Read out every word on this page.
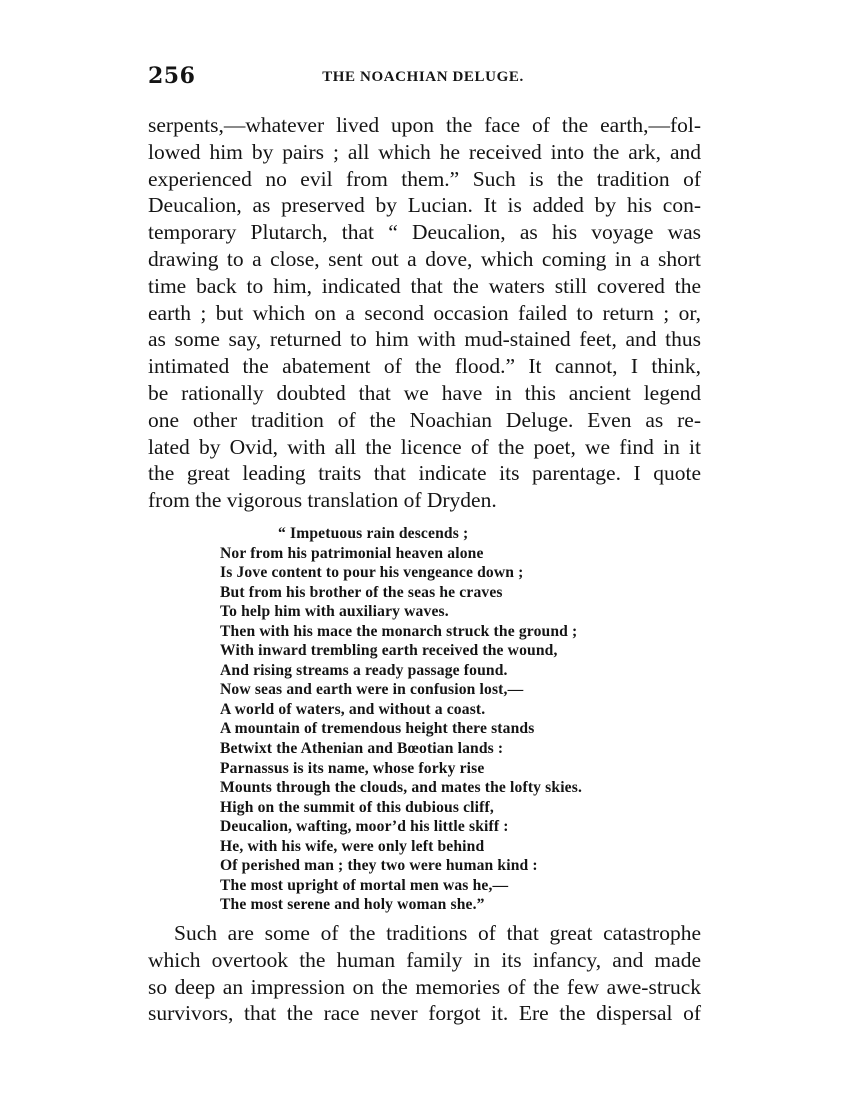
256	THE NOACHIAN DELUGE.
serpents,—whatever lived upon the face of the earth,—fol-
lowed him by pairs ; all which he received into the ark, and
experienced no evil from them.” Such is the tradition of
Deucalion, as preserved by Lucian. It is added by his con-
temporary Plutarch, that “ Deucalion, as his voyage was
drawing to a close, sent out a dove, which coming in a short
time back to him, indicated that the waters still covered the
earth ; but which on a second occasion failed to return ; or,
as some say, returned to him with mud-stained feet, and thus
intimated the abatement of the flood.” It cannot, I think,
be rationally doubted that we have in this ancient legend
one other tradition of the Noachian Deluge. Even as re-
lated by Ovid, with all the licence of the poet, we find in it
the great leading traits that indicate its parentage. I quote
from the vigorous translation of Dryden.
“ Impetuous rain descends ;
Nor from his patrimonial heaven alone
Is Jove content to pour his vengeance down ;
But from his brother of the seas he craves
To help him with auxiliary waves.
Then with his mace the monarch struck the ground ;
With inward trembling earth received the wound,
And rising streams a ready passage found.
Now seas and earth were in confusion lost,—
A world of waters, and without a coast.
A mountain of tremendous height there stands
Betwixt the Athenian and Bœotian lands :
Parnassus is its name, whose forky rise
Mounts through the clouds, and mates the lofty skies.
High on the summit of this dubious cliff,
Deucalion, wafting, moor’d his little skiff :
He, with his wife, were only left behind
Of perished man ; they two were human kind :
The most upright of mortal men was he,—
The most serene and holy woman she.”
Such are some of the traditions of that great catastrophe
which overtook the human family in its infancy, and made
so deep an impression on the memories of the few awe-struck
survivors, that the race never forgot it. Ere the dispersal of
